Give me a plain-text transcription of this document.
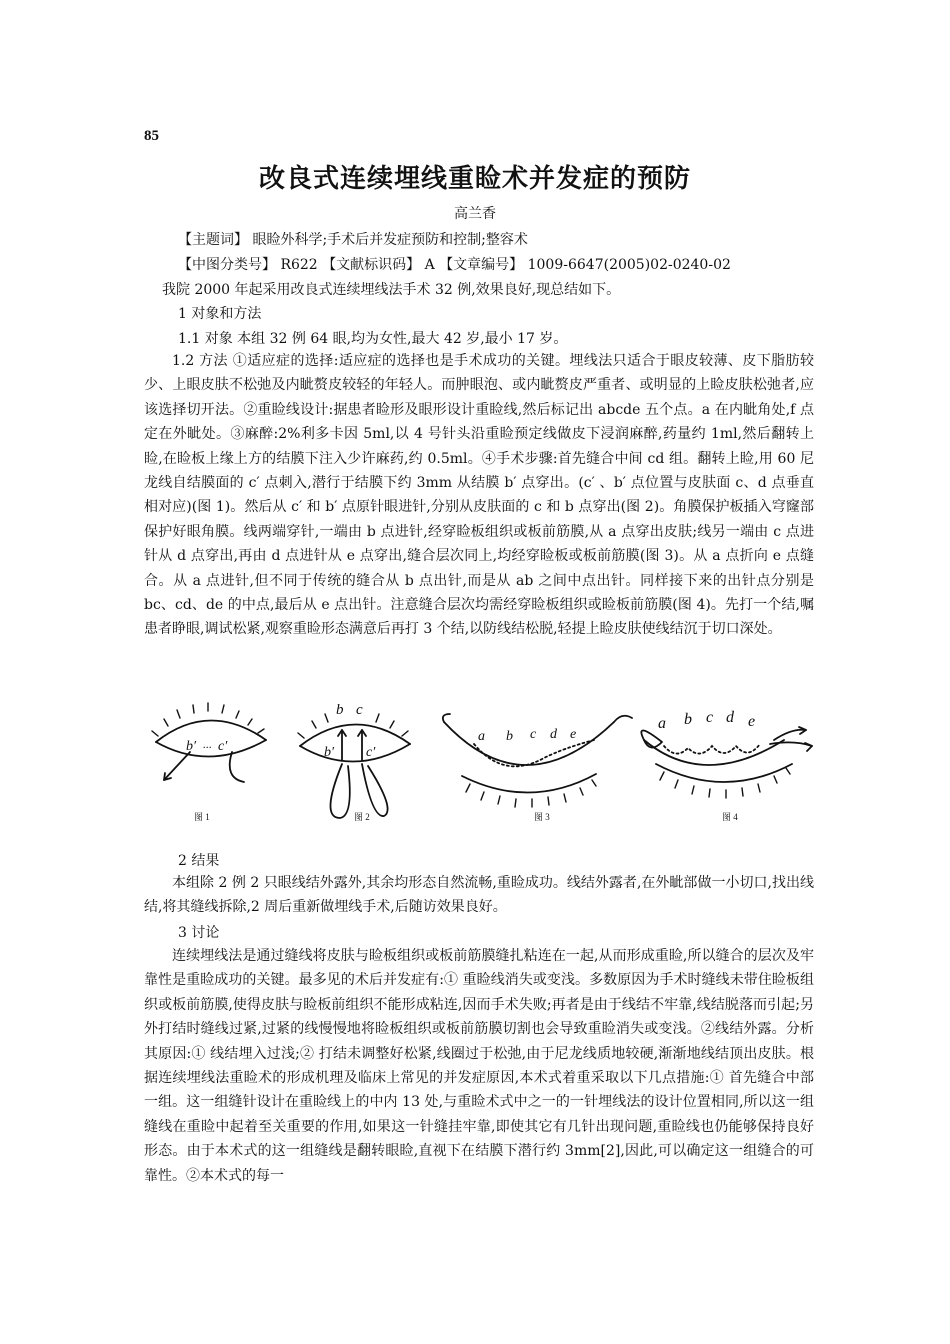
85
改良式连续埋线重睑术并发症的预防
高兰香
【主题词】 眼睑外科学;手术后并发症预防和控制;整容术
【中图分类号】 R622 【文献标识码】 A 【文章编号】 1009-6647(2005)02-0240-02
我院 2000 年起采用改良式连续埋线法手术 32 例,效果良好,现总结如下。
1 对象和方法
1.1 对象 本组 32 例 64 眼,均为女性,最大 42 岁,最小 17 岁。
1.2 方法 ①适应症的选择:适应症的选择也是手术成功的关键。埋线法只适合于眼皮较薄、皮下脂肪较少、上眼皮肤不松弛及内眦赘皮较轻的年轻人。而肿眼泡、或内眦赘皮严重者、或明显的上睑皮肤松弛者,应该选择切开法。②重睑线设计:据患者睑形及眼形设计重睑线,然后标记出 abcde 五个点。a 在内眦角处,f 点定在外眦处。③麻醉:2%利多卡因 5ml,以 4 号针头沿重睑预定线做皮下浸润麻醉,药量约 1ml,然后翻转上睑,在睑板上缘上方的结膜下注入少许麻药,约 0.5ml。④手术步骤:首先缝合中间 cd 组。翻转上睑,用 60 尼龙线自结膜面的 c′ 点刺入,潜行于结膜下约 3mm 从结膜 b′ 点穿出。(c′ 、b′ 点位置与皮肤面 c、d 点垂直相对应)(图 1)。然后从 c′ 和 b′ 点原针眼进针,分别从皮肤面的 c 和 b 点穿出(图 2)。角膜保护板插入穹窿部保护好眼角膜。线两端穿针,一端由 b 点进针,经穿睑板组织或板前筋膜,从 a 点穿出皮肤;线另一端由 c 点进针从 d 点穿出,再由 d 点进针从 e 点穿出,缝合层次同上,均经穿睑板或板前筋膜(图 3)。从 a 点折向 e 点缝合。从 a 点进针,但不同于传统的缝合从 b 点出针,而是从 ab 之间中点出针。同样接下来的出针点分别是 bc、cd、de 的中点,最后从 e 点出针。注意缝合层次均需经穿睑板组织或睑板前筋膜(图 4)。先打一个结,嘱患者睁眼,调试松紧,观察重睑形态满意后再打 3 个结,以防线结松脱,轻提上睑皮肤使线结沉于切口深处。
b′ c′
...
b c
b′ c′
a b c d e
a b c d e
图 1	图 2	图 3	图 4
2 结果
本组除 2 例 2 只眼线结外露外,其余均形态自然流畅,重睑成功。线结外露者,在外眦部做一小切口,找出线结,将其缝线拆除,2 周后重新做埋线手术,后随访效果良好。
3 讨论
连续埋线法是通过缝线将皮肤与睑板组织或板前筋膜缝扎粘连在一起,从而形成重睑,所以缝合的层次及牢靠性是重睑成功的关键。最多见的术后并发症有:① 重睑线消失或变浅。多数原因为手术时缝线未带住睑板组织或板前筋膜,使得皮肤与睑板前组织不能形成粘连,因而手术失败;再者是由于线结不牢靠,线结脱落而引起;另外打结时缝线过紧,过紧的线慢慢地将睑板组织或板前筋膜切割也会导致重睑消失或变浅。②线结外露。分析其原因:① 线结埋入过浅;② 打结未调整好松紧,线圈过于松弛,由于尼龙线质地较硬,渐渐地线结顶出皮肤。根据连续埋线法重睑术的形成机理及临床上常见的并发症原因,本术式着重采取以下几点措施:① 首先缝合中部一组。这一组缝针设计在重睑线上的中内 13 处,与重睑术式中之一的一针埋线法的设计位置相同,所以这一组缝线在重睑中起着至关重要的作用,如果这一针缝挂牢靠,即使其它有几针出现问题,重睑线也仍能够保持良好形态。由于本术式的这一组缝线是翻转眼睑,直视下在结膜下潜行约 3mm[2],因此,可以确定这一组缝合的可靠性。②本术式的每一
